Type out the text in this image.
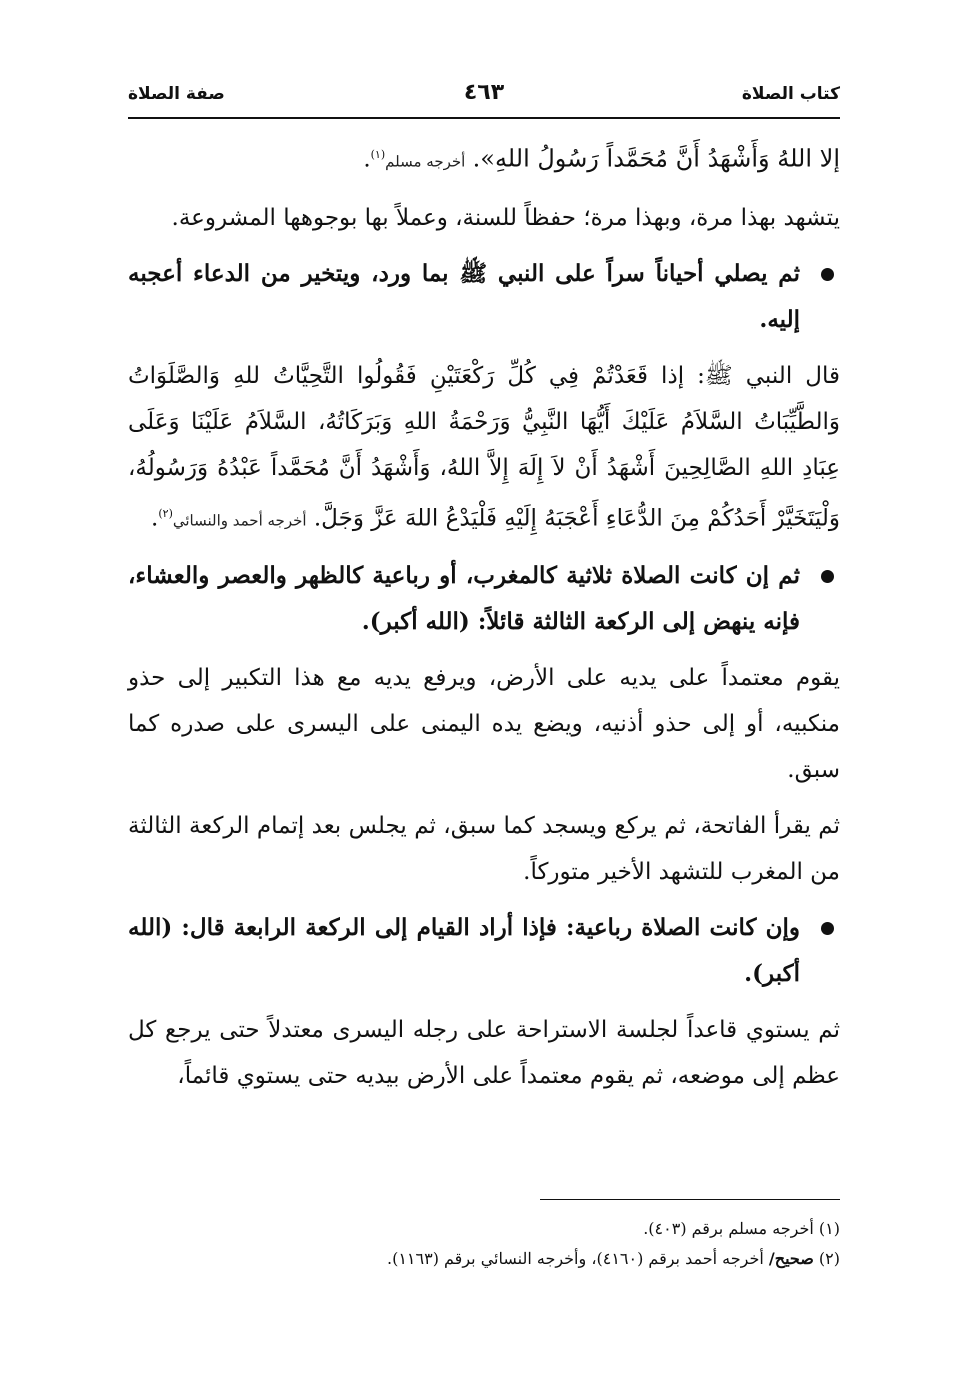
كتاب الصلاة
٤٦٣
صفة الصلاة

إلا اللهُ وَأَشْهَدُ أَنَّ مُحَمَّداً رَسُولُ اللهِ». أخرجه مسلم$^{(١)}$.

يتشهد بهذا مرة، وبهذا مرة؛ حفظاً للسنة، وعملاً بها بوجوهها المشروعة.

ثم يصلي أحياناً سراً على النبي ﷺ بما ورد، ويتخير من الدعاء أعجبه إليه.

قال النبي ﷺ: إذا قَعَدْتُمْ فِي كُلِّ رَكْعَتَيْنِ فَقُولُوا التَّحِيَّاتُ للهِ وَالصَّلَوَاتُ وَالطَّيِّبَاتُ السَّلاَمُ عَلَيْكَ أَيُّهَا النَّبِيُّ وَرَحْمَةُ اللهِ وَبَرَكَاتُهُ، السَّلاَمُ عَلَيْنَا وَعَلَى عِبَادِ اللهِ الصَّالِحِينَ أَشْهَدُ أَنْ لاَ إِلَهَ إِلاَّ اللهُ، وَأَشْهَدُ أَنَّ مُحَمَّداً عَبْدُهُ وَرَسُولُهُ، وَلْيَتَخَيَّرْ أَحَدُكُمْ مِنَ الدُّعَاءِ أَعْجَبَهُ إِلَيْهِ فَلْيَدْعُ اللهَ عَزَّ وَجَلَّ. أخرجه أحمد والنسائي$^{(٢)}$.

ثم إن كانت الصلاة ثلاثية كالمغرب، أو رباعية كالظهر والعصر والعشاء، فإنه ينهض إلى الركعة الثالثة قائلاً: (الله أكبر).

يقوم معتمداً على يديه على الأرض، ويرفع يديه مع هذا التكبير إلى حذو منكبيه، أو إلى حذو أذنيه، ويضع يده اليمنى على اليسرى على صدره كما سبق.

ثم يقرأ الفاتحة، ثم يركع ويسجد كما سبق، ثم يجلس بعد إتمام الركعة الثالثة من المغرب للتشهد الأخير متوركاً.

وإن كانت الصلاة رباعية: فإذا أراد القيام إلى الركعة الرابعة قال: (الله أكبر).

ثم يستوي قاعداً لجلسة الاستراحة على رجله اليسرى معتدلاً حتى يرجع كل عظم إلى موضعه، ثم يقوم معتمداً على الأرض بيديه حتى يستوي قائماً،

(١) أخرجه مسلم برقم (٤٠٣).

(٢) صحيح/ أخرجه أحمد برقم (٤١٦٠)، وأخرجه النسائي برقم (١١٦٣).
